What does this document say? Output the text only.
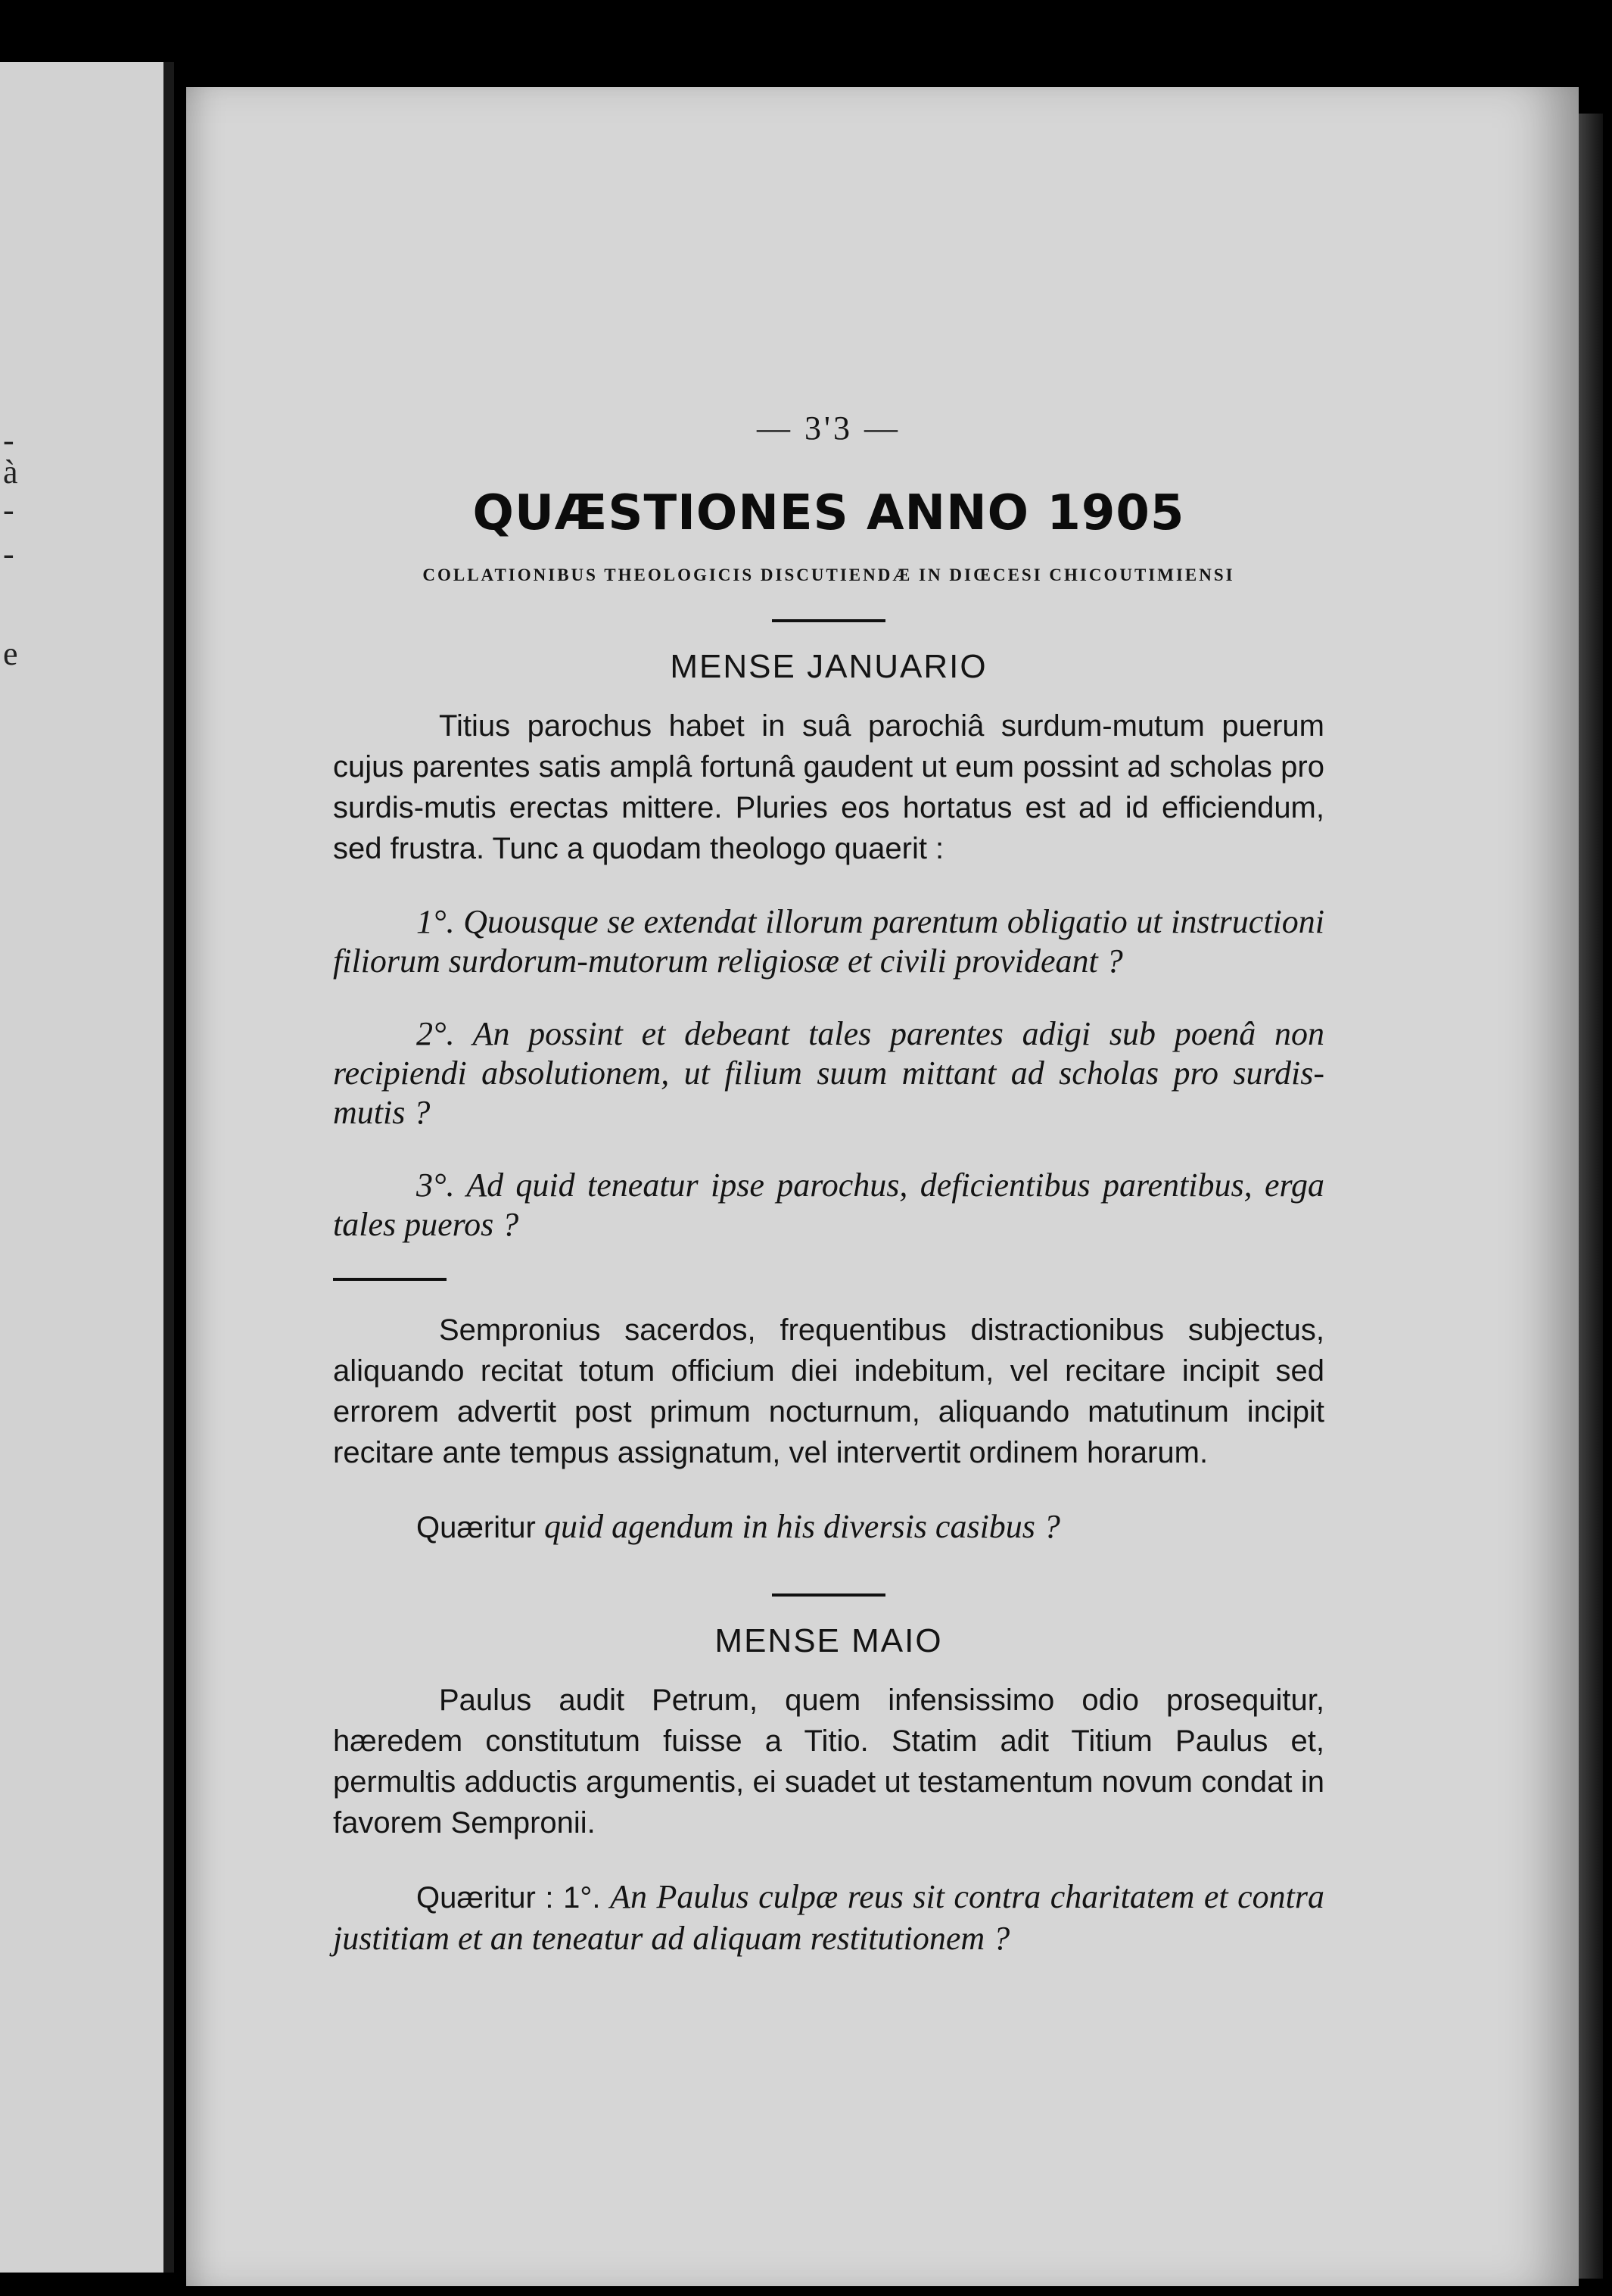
-
à
-
-
e
— 3'3 —
QUÆSTIONES ANNO 1905
COLLATIONIBUS THEOLOGICIS DISCUTIENDÆ IN DIŒCESI CHICOUTIMIENSI
MENSE JANUARIO

Titius parochus habet in suâ parochiâ surdum-mutum puerum cujus parentes satis amplâ fortunâ gaudent ut eum possint ad scholas pro surdis-mutis erectas mittere. Pluries eos hortatus est ad id efficiendum, sed frustra. Tunc a quodam theologo quaerit :

1°. Quousque se extendat illorum parentum obligatio ut instructioni filiorum surdorum-mutorum religiosæ et civili provideant ?

2°. An possint et debeant tales parentes adigi sub poenâ non recipiendi absolutionem, ut filium suum mittant ad scholas pro surdis-mutis ?

3°. Ad quid teneatur ipse parochus, deficientibus parentibus, erga tales pueros ?

Sempronius sacerdos, frequentibus distractionibus subjectus, aliquando recitat totum officium diei indebitum, vel recitare incipit sed errorem advertit post primum nocturnum, aliquando matutinum incipit recitare ante tempus assignatum, vel intervertit ordinem horarum.

Quæritur quid agendum in his diversis casibus ?

MENSE MAIO

Paulus audit Petrum, quem infensissimo odio prosequitur, hæredem constitutum fuisse a Titio. Statim adit Titium Paulus et, permultis adductis argumentis, ei suadet ut testamentum novum condat in favorem Sempronii.

Quæritur : 1°. An Paulus culpæ reus sit contra charitatem et contra justitiam et an teneatur ad aliquam restitutionem ?
